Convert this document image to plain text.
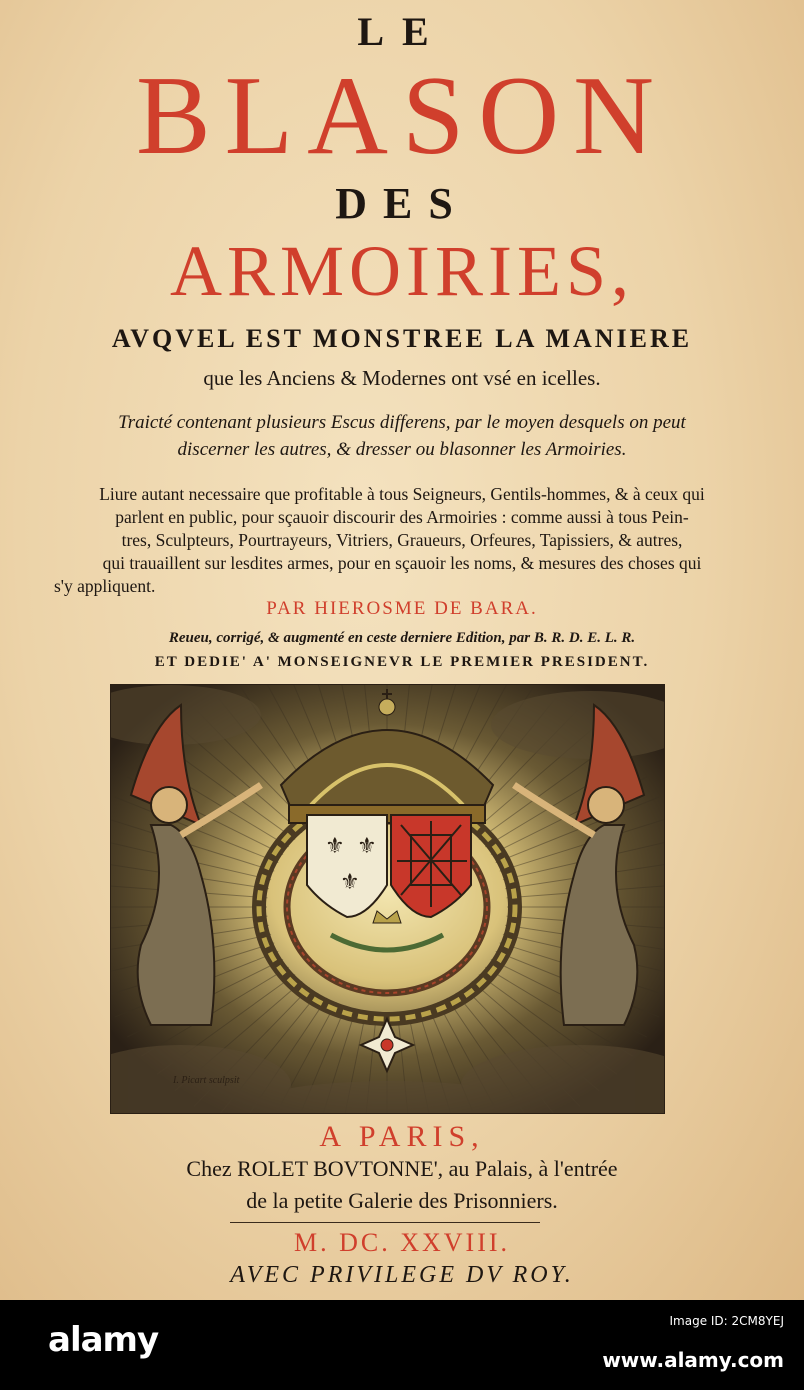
LE
BLASON
DES
ARMOIRIES,
AVQVEL EST MONSTREE LA MANIERE
que les Anciens & Modernes ont vsé en icelles.
Traicté contenant plusieurs Escus differens, par le moyen desquels on peut
discerner les autres, & dresser ou blasonner les Armoiries.
Liure autant necessaire que profitable à tous Seigneurs, Gentils-hommes, & à ceux qui
parlent en public, pour sçauoir discourir des Armoiries : comme aussi à tous Pein-
tres, Sculpteurs, Pourtrayeurs, Vitriers, Graueurs, Orfeures, Tapissiers, & autres,
qui trauaillent sur lesdites armes, pour en sçauoir les noms, & mesures des choses qui
s'y appliquent.
PAR HIEROSME DE BARA.
Reueu, corrigé, & augmenté en ceste derniere Edition, par B. R. D. E. L. R.
ET DEDIE' A' MONSEIGNEVR LE PREMIER PRESIDENT.
⚜ ⚜
⚜
I. Picart sculpsit
A PARIS,
Chez ROLET BOVTONNE', au Palais, à l'entrée
de la petite Galerie des Prisonniers.
M. DC. XXVIII.
AVEC PRIVILEGE DV ROY.
alamy	Image ID: 2CM8YEJ
www.alamy.com
